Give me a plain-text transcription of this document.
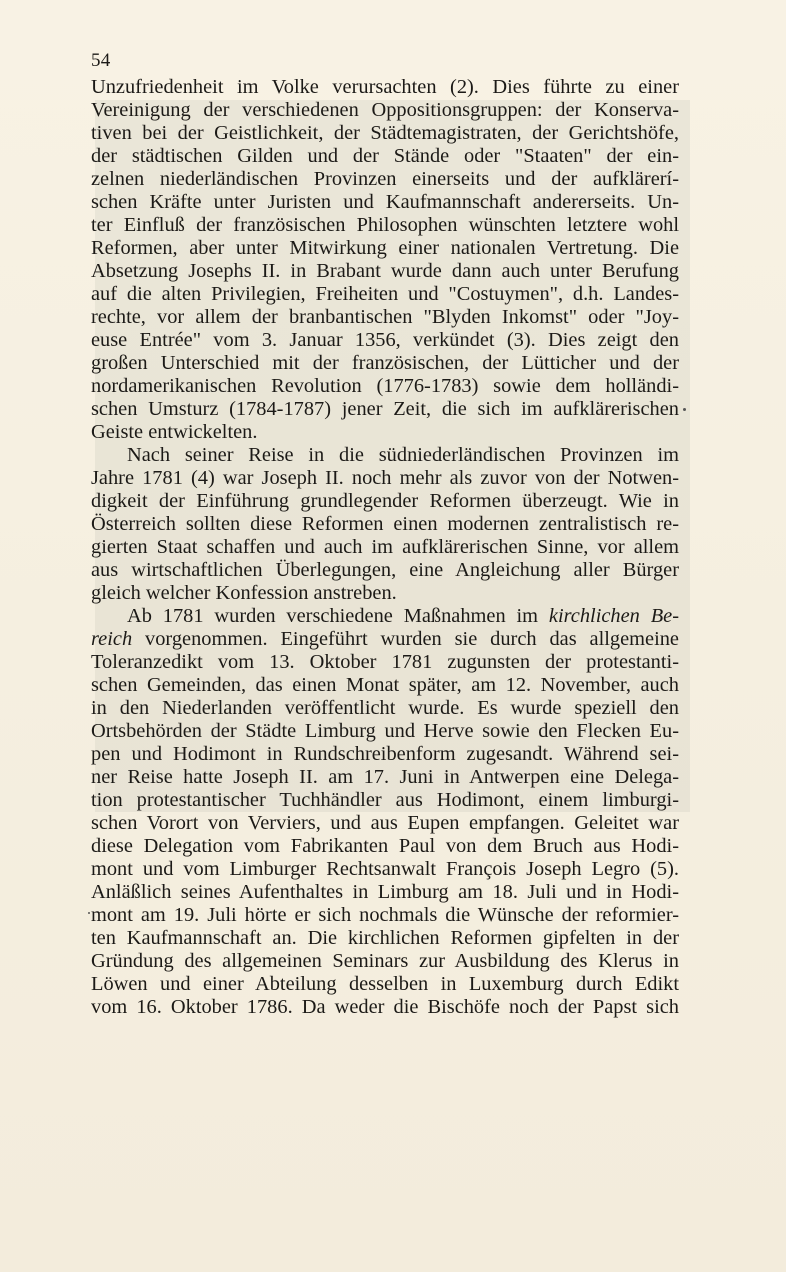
54
Unzufriedenheit im Volke verursachten (2). Dies führte zu einer
Vereinigung der verschiedenen Oppositionsgruppen: der Konserva-
tiven bei der Geistlichkeit, der Städtemagistraten, der Gerichtshöfe,
der städtischen Gilden und der Stände oder "Staaten" der ein-
zelnen niederländischen Provinzen einerseits und der aufklärerí-
schen Kräfte unter Juristen und Kaufmannschaft andererseits. Un-
ter Einfluß der französischen Philosophen wünschten letztere wohl
Reformen, aber unter Mitwirkung einer nationalen Vertretung. Die
Absetzung Josephs II. in Brabant wurde dann auch unter Berufung
auf die alten Privilegien, Freiheiten und "Costuymen", d.h. Landes-
rechte, vor allem der branbantischen "Blyden Inkomst" oder "Joy-
euse Entrée" vom 3. Januar 1356, verkündet (3). Dies zeigt den
großen Unterschied mit der französischen, der Lütticher und der
nordamerikanischen Revolution (1776-1783) sowie dem holländi-
schen Umsturz (1784-1787) jener Zeit, die sich im aufklärerischen
Geiste entwickelten.
Nach seiner Reise in die südniederländischen Provinzen im
Jahre 1781 (4) war Joseph II. noch mehr als zuvor von der Notwen-
digkeit der Einführung grundlegender Reformen überzeugt. Wie in
Österreich sollten diese Reformen einen modernen zentralistisch re-
gierten Staat schaffen und auch im aufklärerischen Sinne, vor allem
aus wirtschaftlichen Überlegungen, eine Angleichung aller Bürger
gleich welcher Konfession anstreben.
Ab 1781 wurden verschiedene Maßnahmen im kirchlichen Be-
reich vorgenommen. Eingeführt wurden sie durch das allgemeine
Toleranzedikt vom 13. Oktober 1781 zugunsten der protestanti-
schen Gemeinden, das einen Monat später, am 12. November, auch
in den Niederlanden veröffentlicht wurde. Es wurde speziell den
Ortsbehörden der Städte Limburg und Herve sowie den Flecken Eu-
pen und Hodimont in Rundschreibenform zugesandt. Während sei-
ner Reise hatte Joseph II. am 17. Juni in Antwerpen eine Delega-
tion protestantischer Tuchhändler aus Hodimont, einem limburgi-
schen Vorort von Verviers, und aus Eupen empfangen. Geleitet war
diese Delegation vom Fabrikanten Paul von dem Bruch aus Hodi-
mont und vom Limburger Rechtsanwalt François Joseph Legro (5).
Anläßlich seines Aufenthaltes in Limburg am 18. Juli und in Hodi-
mont am 19. Juli hörte er sich nochmals die Wünsche der reformier-
ten Kaufmannschaft an. Die kirchlichen Reformen gipfelten in der
Gründung des allgemeinen Seminars zur Ausbildung des Klerus in
Löwen und einer Abteilung desselben in Luxemburg durch Edikt
vom 16. Oktober 1786. Da weder die Bischöfe noch der Papst sich
